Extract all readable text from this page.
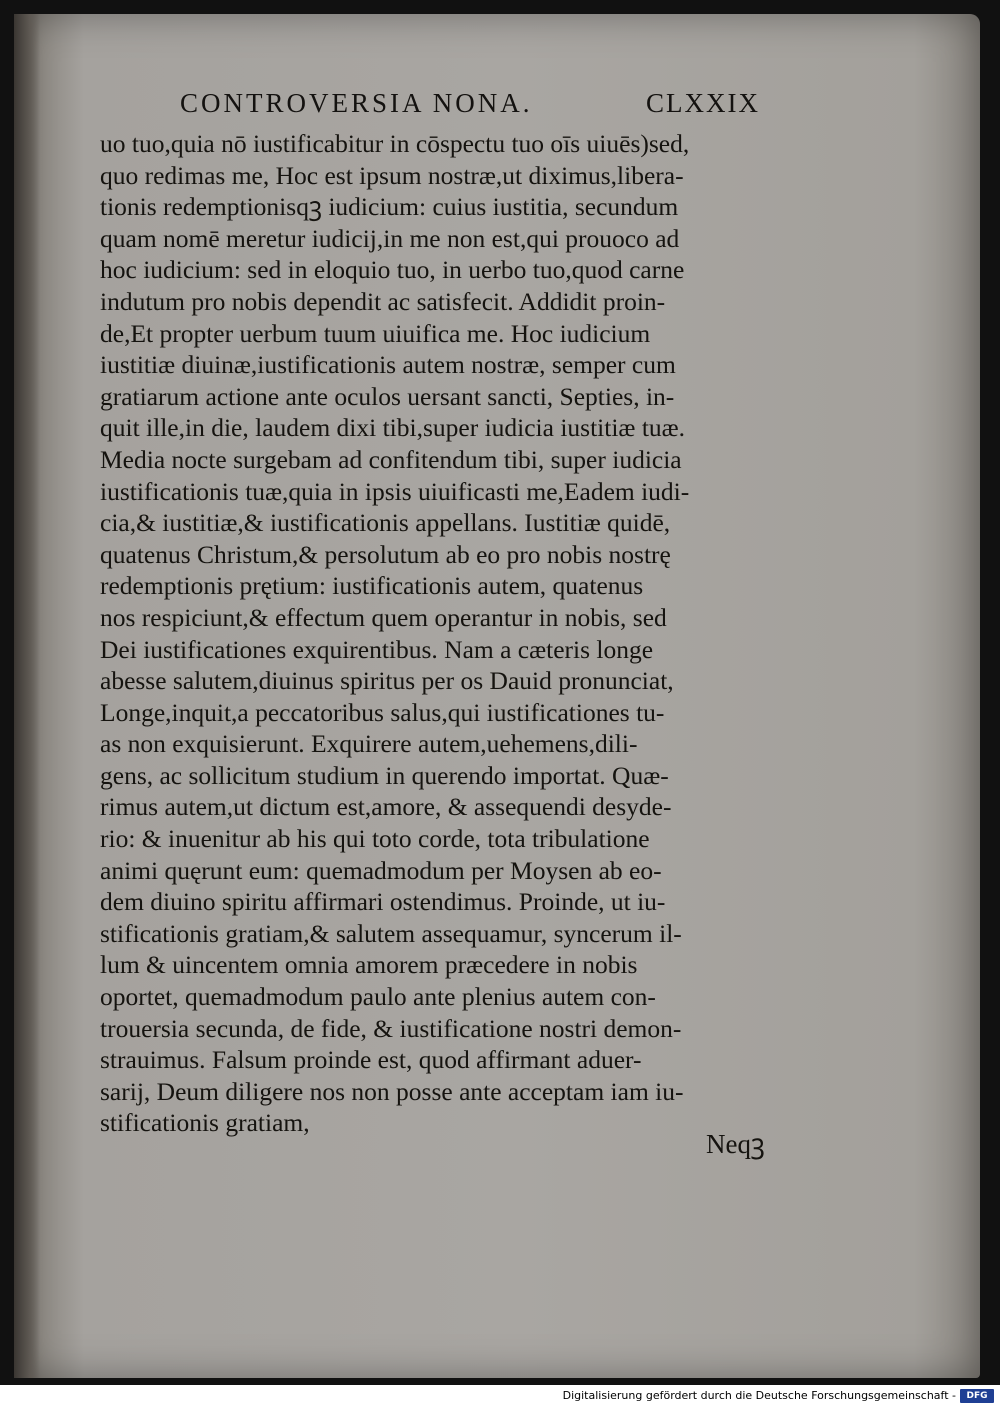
CONTROVERSIA NONA.	CLXXIX
uo tuo,quia nō iustificabitur in cōspectu tuo oīs uiuēs)sed,
quo redimas me, Hoc est ipsum nostræ,ut diximus,libera-
tionis redemptionisqꝫ iudicium: cuius iustitia, secundum
quam nomē meretur iudicij,in me non est,qui prouoco ad
hoc iudicium: sed in eloquio tuo, in uerbo tuo,quod carne
indutum pro nobis dependit ac satisfecit. Addidit proin-
de,Et propter uerbum tuum uiuifica me. Hoc iudicium
iustitiæ diuinæ,iustificationis autem nostræ, semper cum
gratiarum actione ante oculos uersant sancti, Septies, in-
quit ille,in die, laudem dixi tibi,super iudicia iustitiæ tuæ.
Media nocte surgebam ad confitendum tibi, super iudicia
iustificationis tuæ,quia in ipsis uiuificasti me,Eadem iudi-
cia,& iustitiæ,& iustificationis appellans. Iustitiæ quidē,
quatenus Christum,& persolutum ab eo pro nobis nostrę
redemptionis prętium: iustificationis autem, quatenus
nos respiciunt,& effectum quem operantur in nobis, sed
Dei iustificationes exquirentibus. Nam a cæteris longe
abesse salutem,diuinus spiritus per os Dauid pronunciat,
Longe,inquit,a peccatoribus salus,qui iustificationes tu-
as non exquisierunt. Exquirere autem,uehemens,dili-
gens, ac sollicitum studium in querendo importat. Quæ-
rimus autem,ut dictum est,amore, & assequendi desyde-
rio: & inuenitur ab his qui toto corde, tota tribulatione
animi quęrunt eum: quemadmodum per Moysen ab eo-
dem diuino spiritu affirmari ostendimus. Proinde, ut iu-
stificationis gratiam,& salutem assequamur, syncerum il-
lum & uincentem omnia amorem præcedere in nobis
oportet, quemadmodum paulo ante plenius autem con-
trouersia secunda, de fide, & iustificatione nostri demon-
strauimus. Falsum proinde est, quod affirmant aduer-
sarij, Deum diligere nos non posse ante acceptam iam iu-
stificationis gratiam,
Neqꝫ
Digitalisierung gefördert durch die Deutsche Forschungsgemeinschaft -	DFG
